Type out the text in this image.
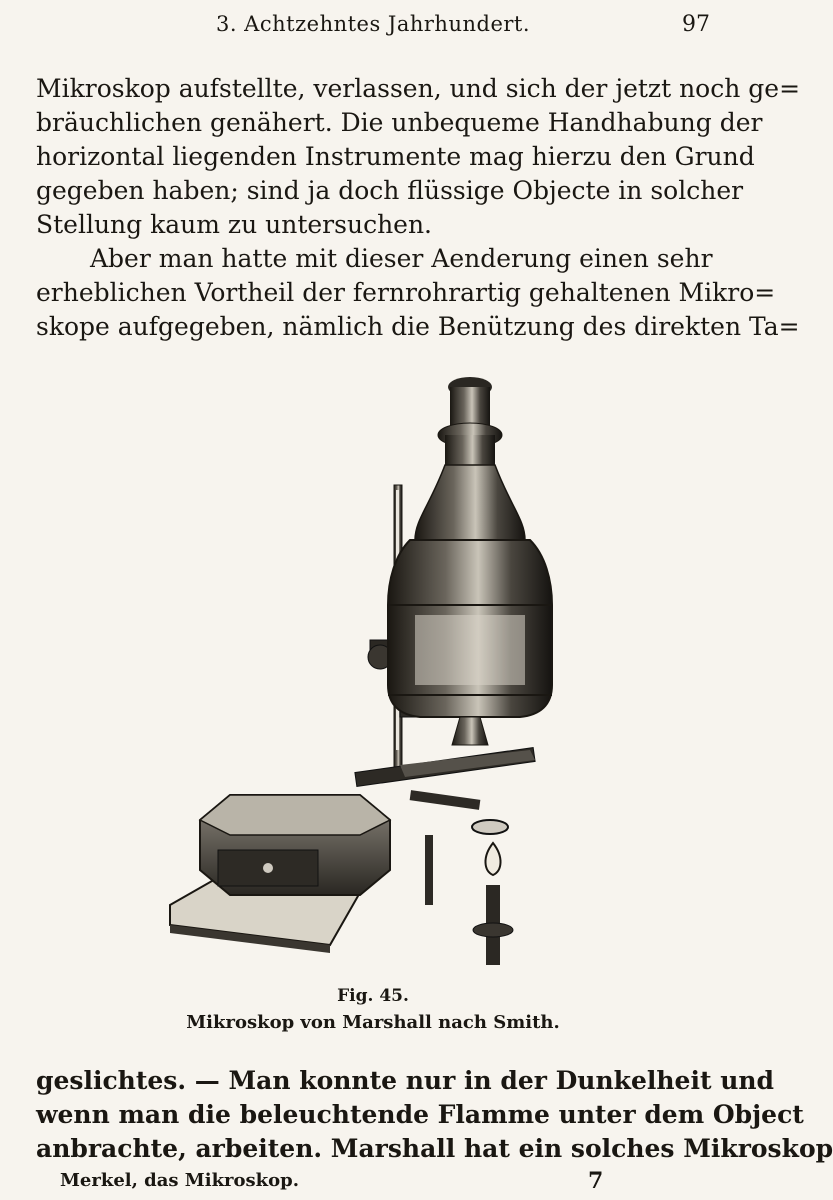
3. Achtzehntes Jahrhundert.	97
Mikroskop aufstellte, verlassen, und sich der jetzt noch ge=
bräuchlichen genähert. Die unbequeme Handhabung der
horizontal liegenden Instrumente mag hierzu den Grund
gegeben haben; sind ja doch flüssige Objecte in solcher
Stellung kaum zu untersuchen.
Aber man hatte mit dieser Aenderung einen sehr
erheblichen Vortheil der fernrohrartig gehaltenen Mikro=
skope aufgegeben, nämlich die Benützung des direkten Ta=
Fig. 45.
Mikroskop von Marshall nach Smith.
geslichtes. — Man konnte nur in der Dunkelheit und
wenn man die beleuchtende Flamme unter dem Object
anbrachte, arbeiten. Marshall hat ein solches Mikroskop
Merkel, das Mikroskop.	7
